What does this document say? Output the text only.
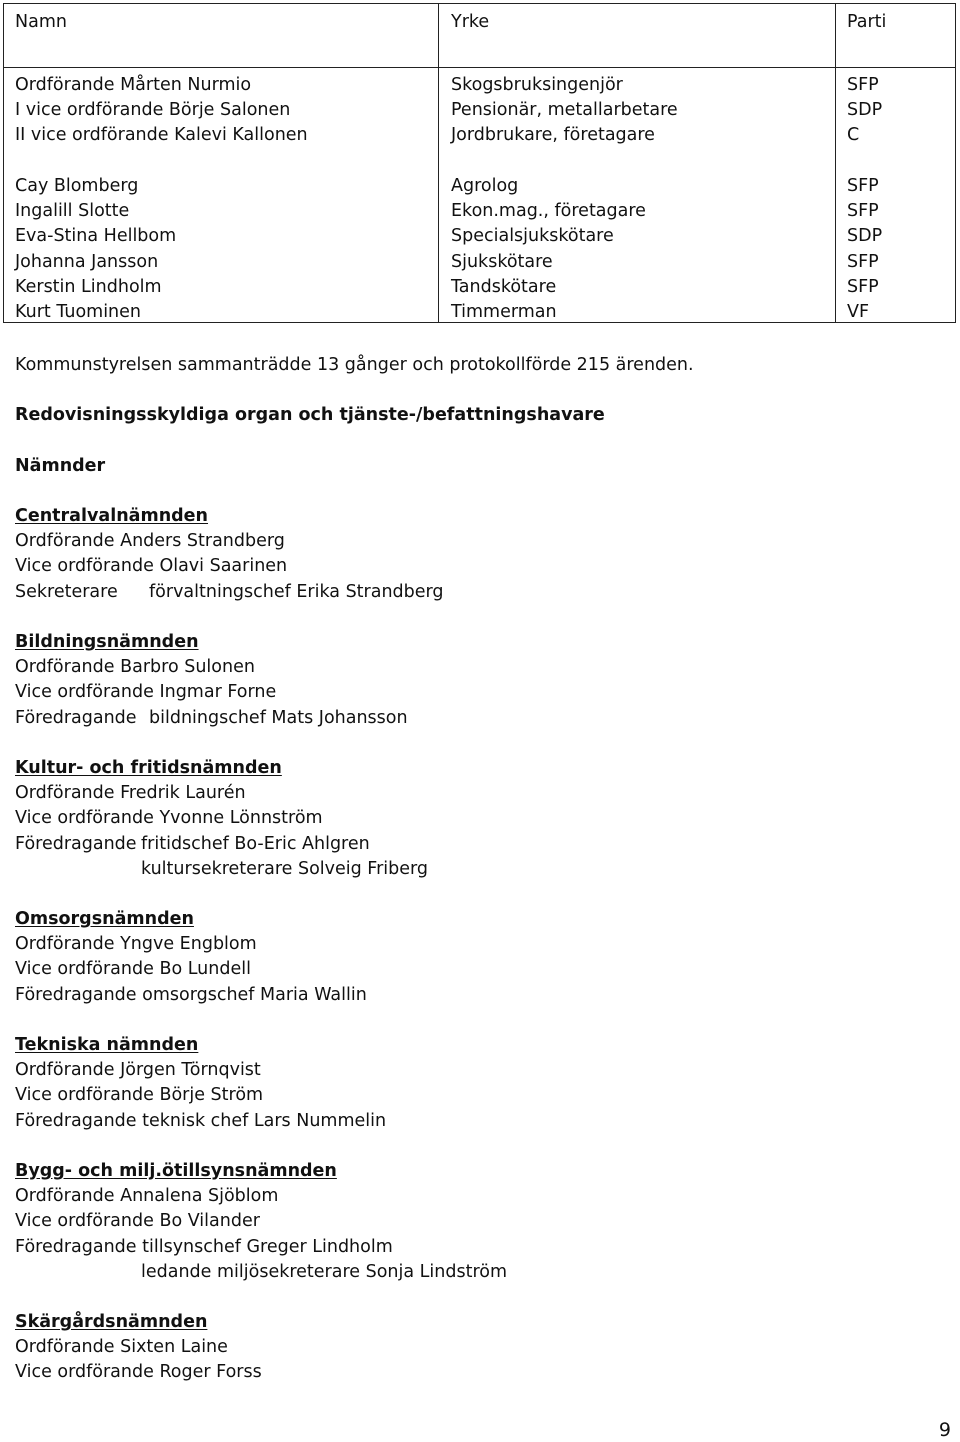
Namn	Yrke	Parti
Ordförande Mårten Nurmio
I vice ordförande Börje Salonen
II vice ordförande Kalevi Kallonen
Skogsbruksingenjör
Pensionär, metallarbetare
Jordbrukare, företagare
SFP
SDP
C
Cay Blomberg
Ingalill Slotte
Eva-Stina Hellbom
Johanna Jansson
Kerstin Lindholm
Kurt Tuominen
Agrolog
Ekon.mag., företagare
Specialsjukskötare
Sjukskötare
Tandskötare
Timmerman
SFP
SFP
SDP
SFP
SFP
VF
Kommunstyrelsen sammanträdde 13 gånger och protokollförde 215 ärenden.
Redovisningsskyldiga organ och tjänste-/befattningshavare
Nämnder
Centralvalnämnden
Ordförande Anders Strandberg
Vice ordförande Olavi Saarinen
Sekreterare förvaltningschef Erika Strandberg
Bildningsnämnden
Ordförande Barbro Sulonen
Vice ordförande Ingmar Forne
Föredragande bildningschef Mats Johansson
Kultur- och fritidsnämnden
Ordförande Fredrik Laurén
Vice ordförande Yvonne Lönnström
Föredragande fritidschef Bo-Eric Ahlgren
kultursekreterare Solveig Friberg
Omsorgsnämnden
Ordförande Yngve Engblom
Vice ordförande Bo Lundell
Föredragande omsorgschef Maria Wallin
Tekniska nämnden
Ordförande Jörgen Törnqvist
Vice ordförande Börje Ström
Föredragande teknisk chef Lars Nummelin
Bygg- och milj.ötillsynsnämnden
Ordförande Annalena Sjöblom
Vice ordförande Bo Vilander
Föredragande tillsynschef Greger Lindholm
ledande miljösekreterare Sonja Lindström
Skärgårdsnämnden
Ordförande Sixten Laine
Vice ordförande Roger Forss
9
